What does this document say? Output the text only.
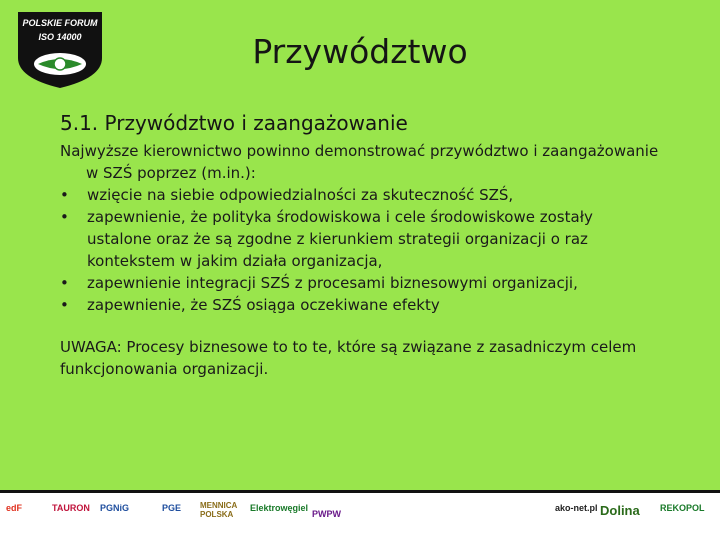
POLSKIE FORUM
ISO 14000	Przywództwo
5.1. Przywództwo i zaangażowanie
Najwyższe kierownictwo powinno demonstrować przywództwo i zaangażowanie w SZŚ poprzez (m.in.):
• wzięcie na siebie odpowiedzialności za skuteczność SZŚ,
• zapewnienie, że polityka środowiskowa i cele środowiskowe zostały ustalone oraz że są zgodne z kierunkiem strategii organizacji o raz kontekstem w jakim działa organizacja,
• zapewnienie integracji SZŚ z procesami biznesowymi organizacji,
• zapewnienie, że SZŚ osiąga oczekiwane efekty
UWAGA: Procesy biznesowe to to te, które są związane z zasadniczym celem funkcjonowania organizacji.
edF	TAURON PGNiG	PGE MENNICA POLSKA
Elektrowęgiel
PWPW
ako-net.pl Dolina REKOPOL
